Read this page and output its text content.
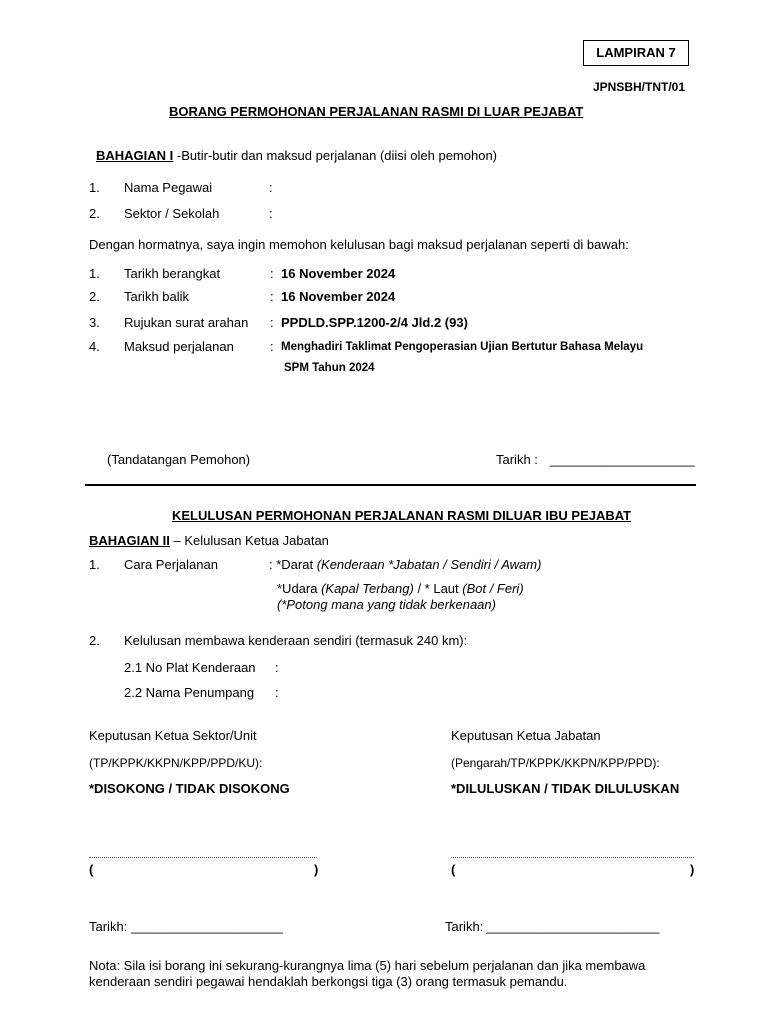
LAMPIRAN 7
JPNSBH/TNT/01
BORANG PERMOHONAN PERJALANAN RASMI DI LUAR PEJABAT
BAHAGIAN I -Butir-butir dan maksud perjalanan (diisi oleh pemohon)
1. Nama Pegawai	:
2. Sektor / Sekolah	:
Dengan hormatnya, saya ingin memohon kelulusan bagi maksud perjalanan seperti di bawah:
1. Tarikh berangkat	: 16 November 2024
2. Tarikh balik	: 16 November 2024
3. Rujukan surat arahan : PPDLD.SPP.1200-2/4 Jld.2 (93)
4. Maksud perjalanan	: Menghadiri Taklimat Pengoperasian Ujian Bertutur Bahasa Melayu
SPM Tahun 2024
(Tandatangan Pemohon)	Tarikh : ____________________
KELULUSAN PERMOHONAN PERJALANAN RASMI DILUAR IBU PEJABAT
BAHAGIAN II – Kelulusan Ketua Jabatan
1. Cara Perjalanan	: *Darat (Kenderaan *Jabatan / Sendiri / Awam)
*Udara (Kapal Terbang) / * Laut (Bot / Feri)
(*Potong mana yang tidak berkenaan)
2. Kelulusan membawa kenderaan sendiri (termasuk 240 km):
2.1 No Plat Kenderaan :
2.2 Nama Penumpang :
Keputusan Ketua Sektor/Unit
(TP/KPPK/KKPN/KPP/PPD/KU):
*DISOKONG / TIDAK DISOKONG
(	)
Tarikh: _____________________
Keputusan Ketua Jabatan
(Pengarah/TP/KPPK/KKPN/KPP/PPD):
*DILULUSKAN / TIDAK DILULUSKAN
(	)
Tarikh: ________________________
Nota: Sila isi borang ini sekurang-kurangnya lima (5) hari sebelum perjalanan dan jika membawa
kenderaan sendiri pegawai hendaklah berkongsi tiga (3) orang termasuk pemandu.
